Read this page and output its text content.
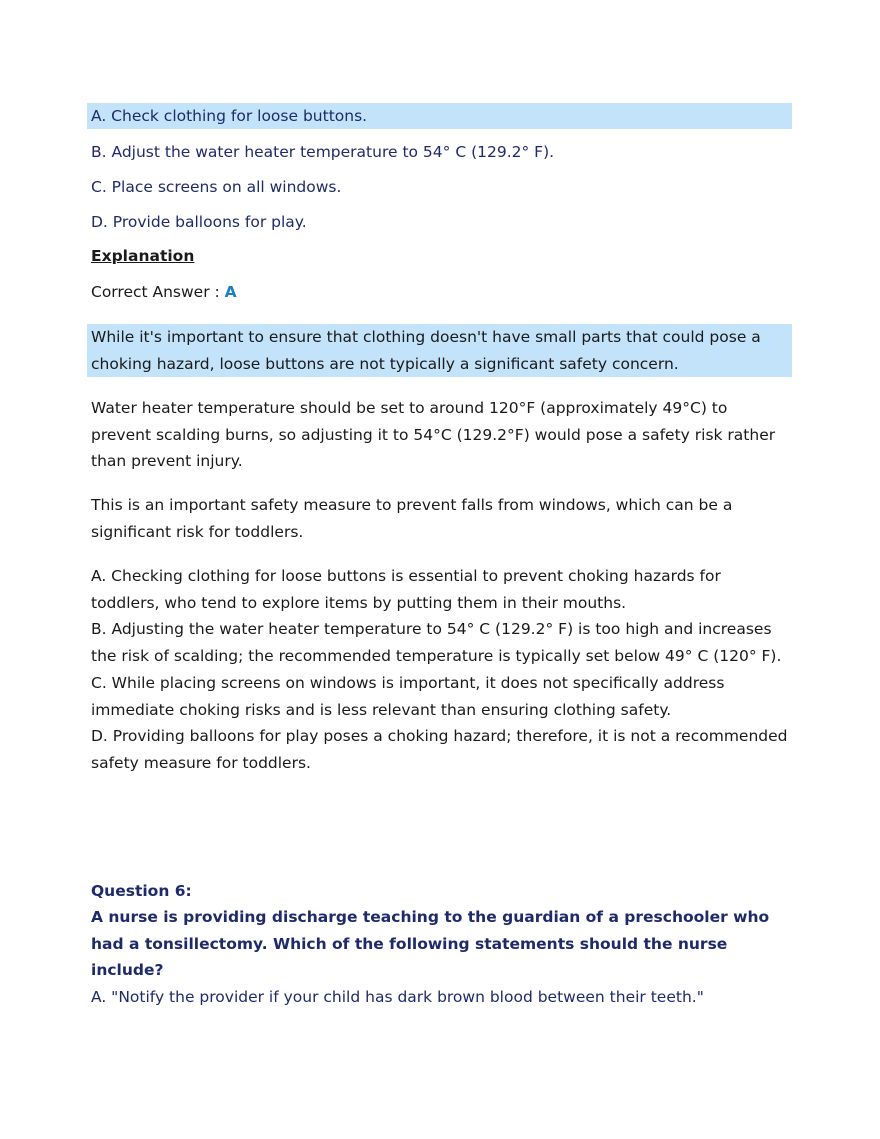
A. Check clothing for loose buttons.
B. Adjust the water heater temperature to 54° C (129.2° F).
C. Place screens on all windows.
D. Provide balloons for play.
Explanation
Correct Answer : A
While it's important to ensure that clothing doesn't have small parts that could pose a choking hazard, loose buttons are not typically a significant safety concern.
Water heater temperature should be set to around 120°F (approximately 49°C) to prevent scalding burns, so adjusting it to 54°C (129.2°F) would pose a safety risk rather than prevent injury.
This is an important safety measure to prevent falls from windows, which can be a significant risk for toddlers.
A. Checking clothing for loose buttons is essential to prevent choking hazards for toddlers, who tend to explore items by putting them in their mouths.
B. Adjusting the water heater temperature to 54° C (129.2° F) is too high and increases the risk of scalding; the recommended temperature is typically set below 49° C (120° F).
C. While placing screens on windows is important, it does not specifically address immediate choking risks and is less relevant than ensuring clothing safety.
D. Providing balloons for play poses a choking hazard; therefore, it is not a recommended safety measure for toddlers.
Question 6:
A nurse is providing discharge teaching to the guardian of a preschooler who had a tonsillectomy. Which of the following statements should the nurse include?
A. "Notify the provider if your child has dark brown blood between their teeth."
